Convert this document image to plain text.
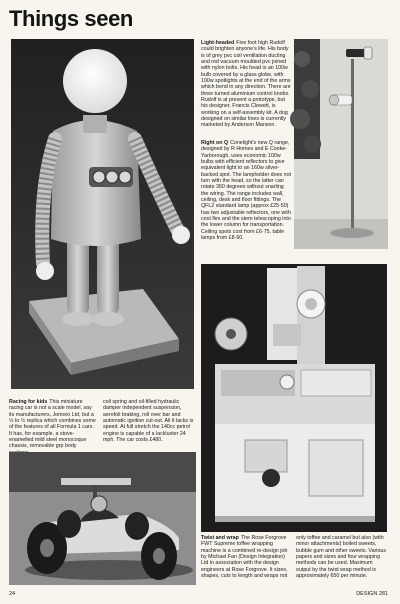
Things seen

Light-headed Five foot high Rudolf could brighten anyone's life. His body is of grey pvc coil ventilation ducting and red vacuum moulded pvc joined with nylon bolts. His head is an 100w bulb covered by a glass globe, with 100w spotlights at the end of the arms which bend in any direction. There are three turned aluminium control knobs. Rudolf is at present a prototype, but his designer, Francis Clewett, is working on a self-assembly kit. A dog designed on similar lines is currently marketed by Anderson Manson.

Right on Q Conelight's new Q range, designed by R Homes and E Cooke-Yarborough, uses economic 100w bulbs with efficient reflectors to give equivalent light to an 160w silver-backed spot. The lampholder does not turn with the head, so the latter can rotate 360 degrees without snarling the wiring. The range includes wall, ceiling, desk and floor fittings. The QFL2 standard lamp (approx £25·50) has two adjustable reflectors, one with cool flex and the stem telescoping into the lower column for transportation. Ceiling spots cost from £6·75, table lamps from £8·60.

Racing for kids This miniature racing car is not a scale model, say its manufacturers, Jomoro Ltd, but a ⅓ to ½ replica which combines some of the features of all Formula 1 cars. It has, for example, a stove-enamelled mild steel monocoque chassis, removable grp body

coil spring and oil-filled hydraulic damper independent suspension, aerofoil braking, roll over bar and automatic ignition cut-out. All it lacks is speed. At full stretch the 140cc petrol engine is capable of a lackluster 24 mph. The car costs £480.

Twist and wrap The Rose Forgrove FWT Supreme toffee wrapping machine is a combined re-design job by Michael Fan (Design Integration) Ltd in association with the design engineers at Rose Forgrove. It sizes, shapes, cuts to length and wraps not

only toffee and caramel but also (with minor attachments) boiled sweets, bubble gum and other sweets. Various papers and sizes and four wrapping methods can be used. Maximum output by the twist wrap method is approximately 650 per minute.

24	DESIGN 281
